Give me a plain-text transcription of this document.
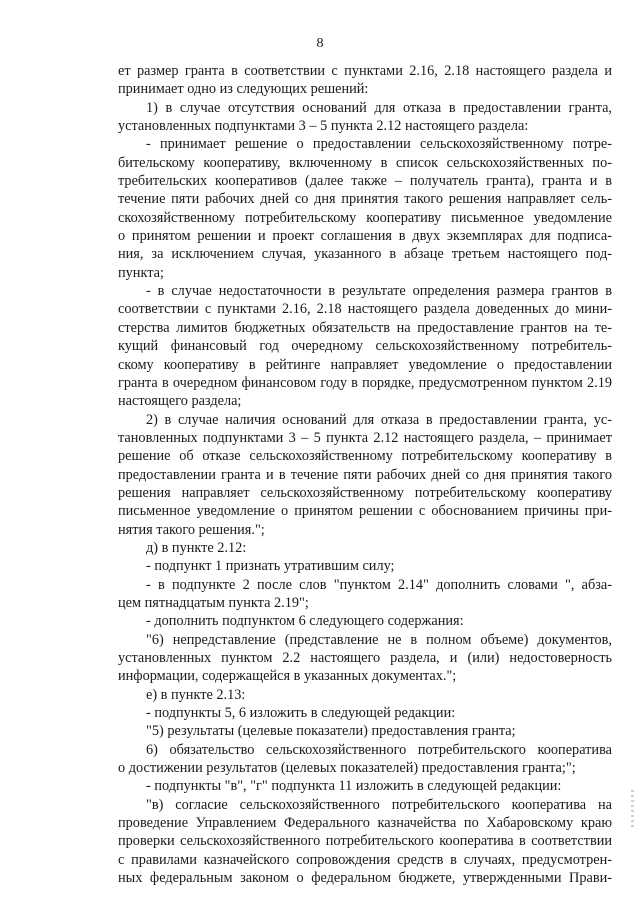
8
ет размер гранта в соответствии с пунктами 2.16, 2.18 настоящего раздела и
принимает одно из следующих решений:
1) в случае отсутствия оснований для отказа в предоставлении гранта,
установленных подпунктами 3 – 5 пункта 2.12 настоящего раздела:
- принимает решение о предоставлении сельскохозяйственному потре-
бительскому кооперативу, включенному в список сельскохозяйственных по-
требительских кооперативов (далее также – получатель гранта), гранта и в
течение пяти рабочих дней со дня принятия такого решения направляет сель-
скохозяйственному потребительскому кооперативу письменное уведомление
о принятом решении и проект соглашения в двух экземплярах для подписа-
ния, за исключением случая, указанного в абзаце третьем настоящего под-
пункта;
- в случае недостаточности в результате определения размера грантов в
соответствии с пунктами 2.16, 2.18 настоящего раздела доведенных до мини-
стерства лимитов бюджетных обязательств на предоставление грантов на те-
кущий финансовый год очередному сельскохозяйственному потребитель-
скому кооперативу в рейтинге направляет уведомление о предоставлении
гранта в очередном финансовом году в порядке, предусмотренном пунктом 2.19
настоящего раздела;
2) в случае наличия оснований для отказа в предоставлении гранта, ус-
тановленных подпунктами 3 – 5 пункта 2.12 настоящего раздела, – принимает
решение об отказе сельскохозяйственному потребительскому кооперативу в
предоставлении гранта и в течение пяти рабочих дней со дня принятия такого
решения направляет сельскохозяйственному потребительскому кооперативу
письменное уведомление о принятом решении с обоснованием причины при-
нятия такого решения.";
д) в пункте 2.12:
- подпункт 1 признать утратившим силу;
- в подпункте 2 после слов "пунктом 2.14" дополнить словами ", абза-
цем пятнадцатым пункта 2.19";
- дополнить подпунктом 6 следующего содержания:
"6) непредставление (представление не в полном объеме) документов,
установленных пунктом 2.2 настоящего раздела, и (или) недостоверность
информации, содержащейся в указанных документах.";
е) в пункте 2.13:
- подпункты 5, 6 изложить в следующей редакции:
"5) результаты (целевые показатели) предоставления гранта;
6) обязательство сельскохозяйственного потребительского кооператива
о достижении результатов (целевых показателей) предоставления гранта;";
- подпункты "в", "г" подпункта 11 изложить в следующей редакции:
"в) согласие сельскохозяйственного потребительского кооператива на
проведение Управлением Федерального казначейства по Хабаровскому краю
проверки сельскохозяйственного потребительского кооператива в соответствии
с правилами казначейского сопровождения средств в случаях, предусмотрен-
ных федеральным законом о федеральном бюджете, утвержденными Прави-
